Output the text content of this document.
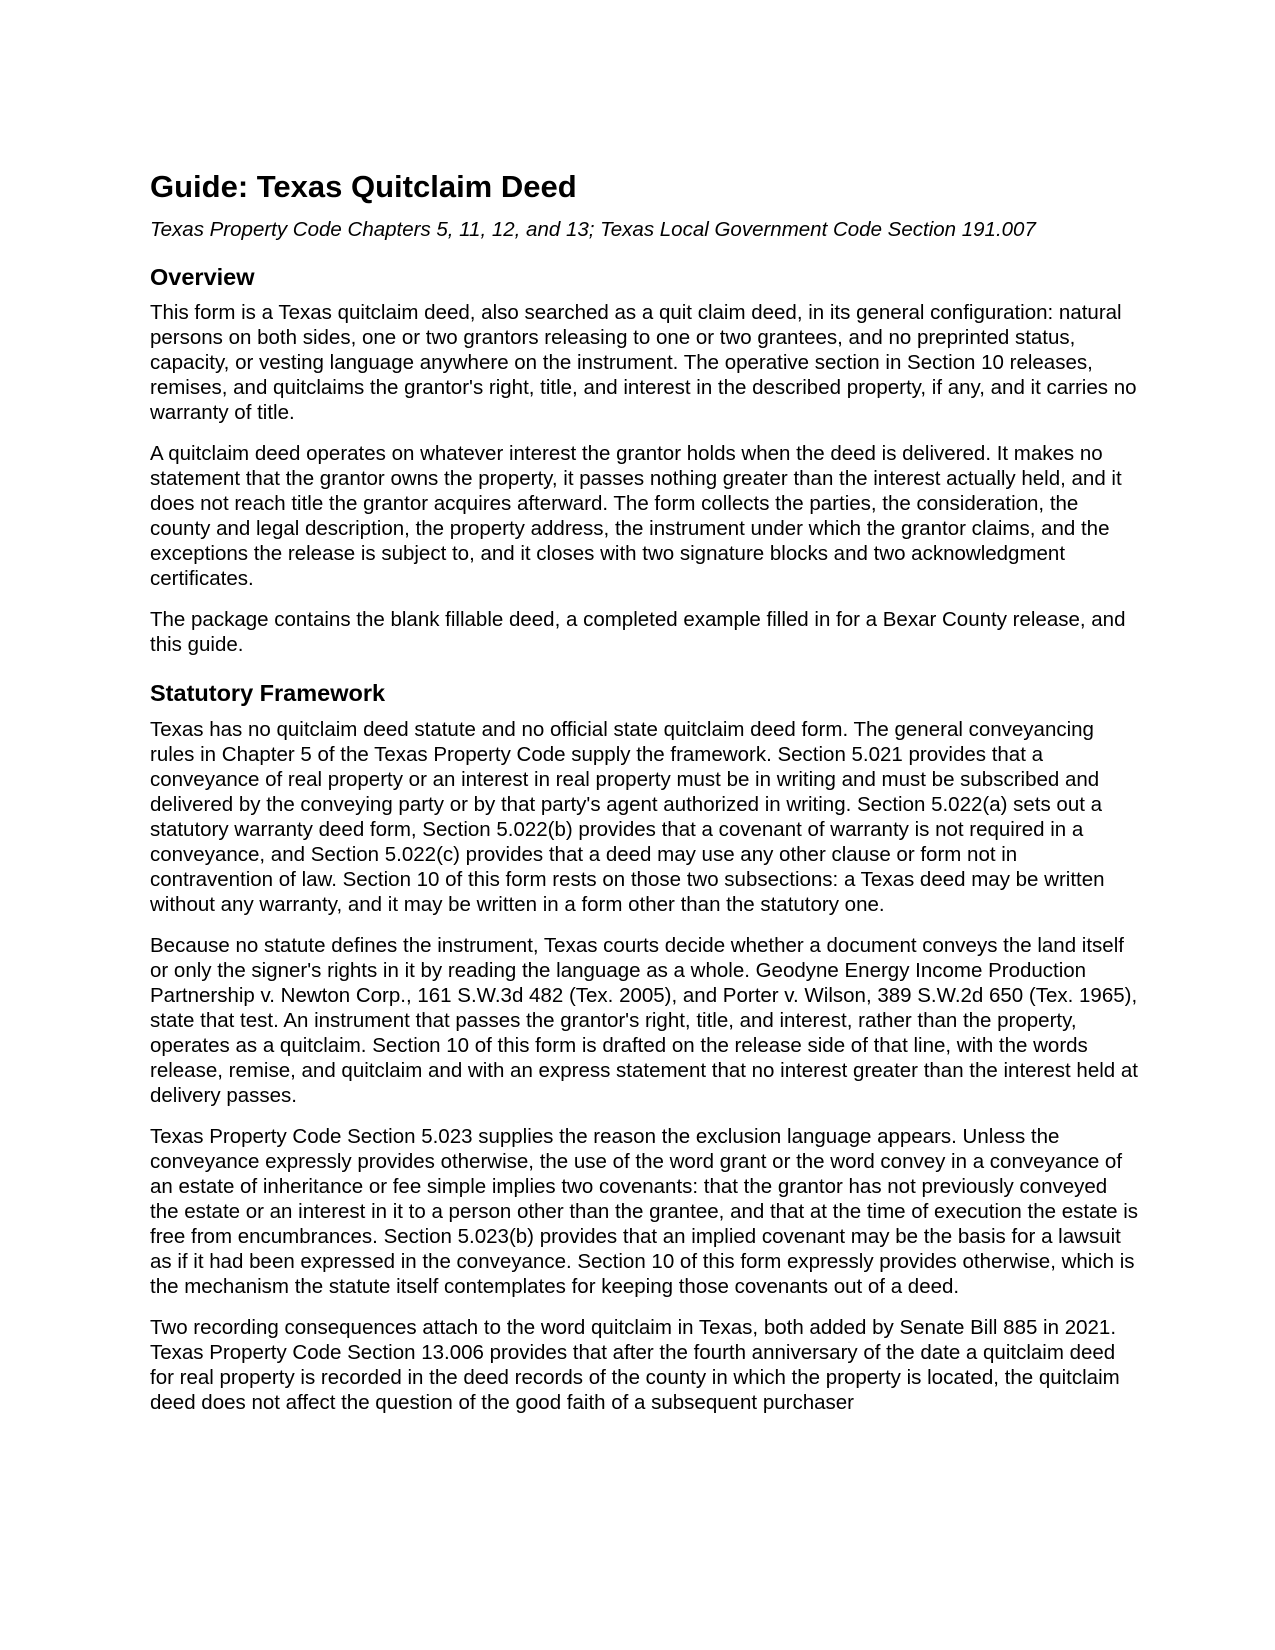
Guide: Texas Quitclaim Deed

Texas Property Code Chapters 5, 11, 12, and 13; Texas Local Government Code Section 191.007

Overview

This form is a Texas quitclaim deed, also searched as a quit claim deed, in its general configuration: natural persons on both sides, one or two grantors releasing to one or two grantees, and no preprinted status, capacity, or vesting language anywhere on the instrument. The operative section in Section 10 releases, remises, and quitclaims the grantor's right, title, and interest in the described property, if any, and it carries no warranty of title.

A quitclaim deed operates on whatever interest the grantor holds when the deed is delivered. It makes no statement that the grantor owns the property, it passes nothing greater than the interest actually held, and it does not reach title the grantor acquires afterward. The form collects the parties, the consideration, the county and legal description, the property address, the instrument under which the grantor claims, and the exceptions the release is subject to, and it closes with two signature blocks and two acknowledgment certificates.

The package contains the blank fillable deed, a completed example filled in for a Bexar County release, and this guide.

Statutory Framework

Texas has no quitclaim deed statute and no official state quitclaim deed form. The general conveyancing rules in Chapter 5 of the Texas Property Code supply the framework. Section 5.021 provides that a conveyance of real property or an interest in real property must be in writing and must be subscribed and delivered by the conveying party or by that party's agent authorized in writing. Section 5.022(a) sets out a statutory warranty deed form, Section 5.022(b) provides that a covenant of warranty is not required in a conveyance, and Section 5.022(c) provides that a deed may use any other clause or form not in contravention of law. Section 10 of this form rests on those two subsections: a Texas deed may be written without any warranty, and it may be written in a form other than the statutory one.

Because no statute defines the instrument, Texas courts decide whether a document conveys the land itself or only the signer's rights in it by reading the language as a whole. Geodyne Energy Income Production Partnership v. Newton Corp., 161 S.W.3d 482 (Tex. 2005), and Porter v. Wilson, 389 S.W.2d 650 (Tex. 1965), state that test. An instrument that passes the grantor's right, title, and interest, rather than the property, operates as a quitclaim. Section 10 of this form is drafted on the release side of that line, with the words release, remise, and quitclaim and with an express statement that no interest greater than the interest held at delivery passes.

Texas Property Code Section 5.023 supplies the reason the exclusion language appears. Unless the conveyance expressly provides otherwise, the use of the word grant or the word convey in a conveyance of an estate of inheritance or fee simple implies two covenants: that the grantor has not previously conveyed the estate or an interest in it to a person other than the grantee, and that at the time of execution the estate is free from encumbrances. Section 5.023(b) provides that an implied covenant may be the basis for a lawsuit as if it had been expressed in the conveyance. Section 10 of this form expressly provides otherwise, which is the mechanism the statute itself contemplates for keeping those covenants out of a deed.

Two recording consequences attach to the word quitclaim in Texas, both added by Senate Bill 885 in 2021. Texas Property Code Section 13.006 provides that after the fourth anniversary of the date a quitclaim deed for real property is recorded in the deed records of the county in which the property is located, the quitclaim deed does not affect the question of the good faith of a subsequent purchaser
